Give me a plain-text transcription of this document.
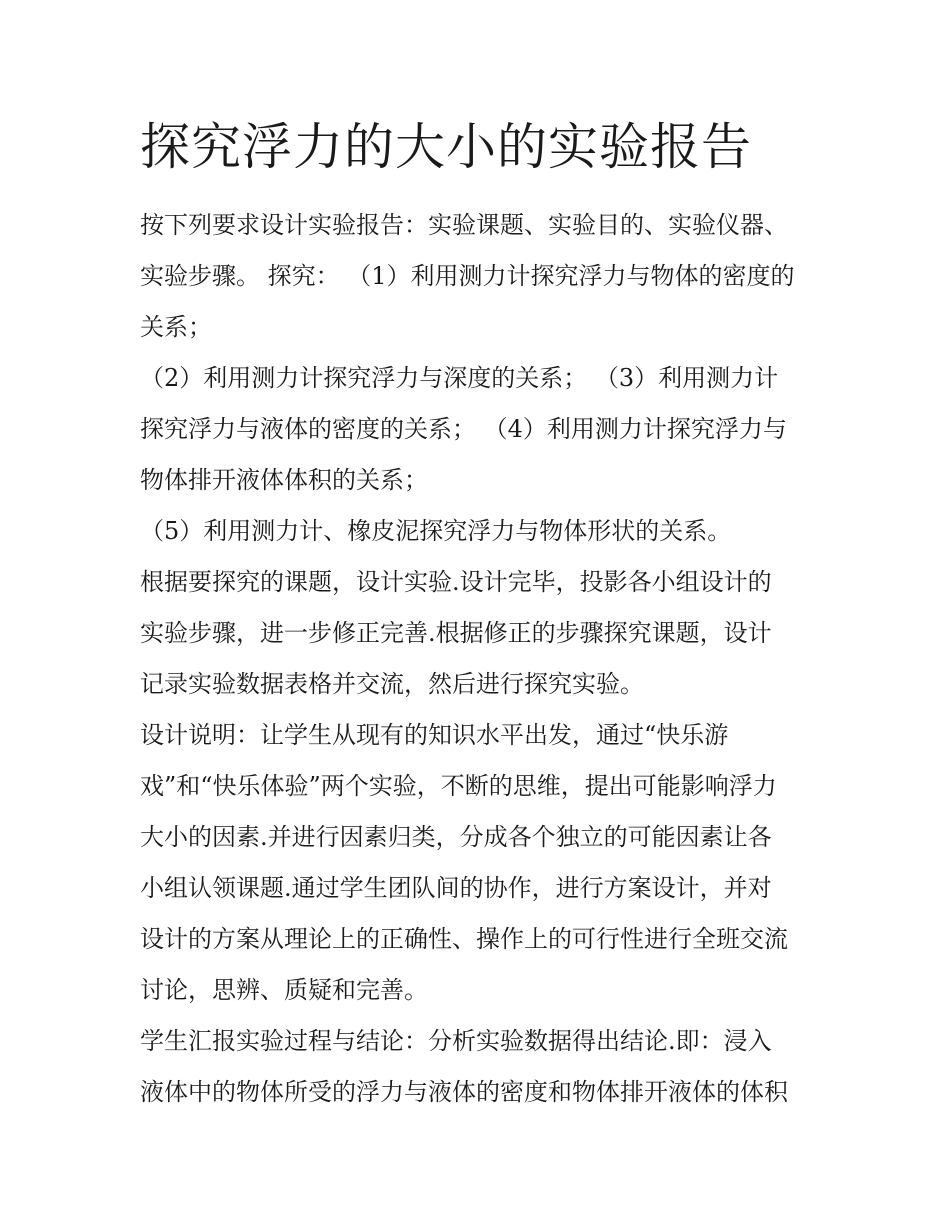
探究浮力的大小的实验报告

按下列要求设计实验报告：实验课题、实验目的、实验仪器、

实验步骤。 探究： （1）利用测力计探究浮力与物体的密度的

关系；

（2）利用测力计探究浮力与深度的关系； （3）利用测力计

探究浮力与液体的密度的关系； （4）利用测力计探究浮力与

物体排开液体体积的关系；

（5）利用测力计、橡皮泥探究浮力与物体形状的关系。

根据要探究的课题，设计实验.设计完毕，投影各小组设计的

实验步骤，进一步修正完善.根据修正的步骤探究课题，设计

记录实验数据表格并交流，然后进行探究实验。

设计说明：让学生从现有的知识水平出发，通过“快乐游

戏”和“快乐体验”两个实验，不断的思维，提出可能影响浮力

大小的因素.并进行因素归类，分成各个独立的可能因素让各

小组认领课题.通过学生团队间的协作，进行方案设计，并对

设计的方案从理论上的正确性、操作上的可行性进行全班交流

讨论，思辨、质疑和完善。

学生汇报实验过程与结论：分析实验数据得出结论.即：浸入

液体中的物体所受的浮力与液体的密度和物体排开液体的体积
